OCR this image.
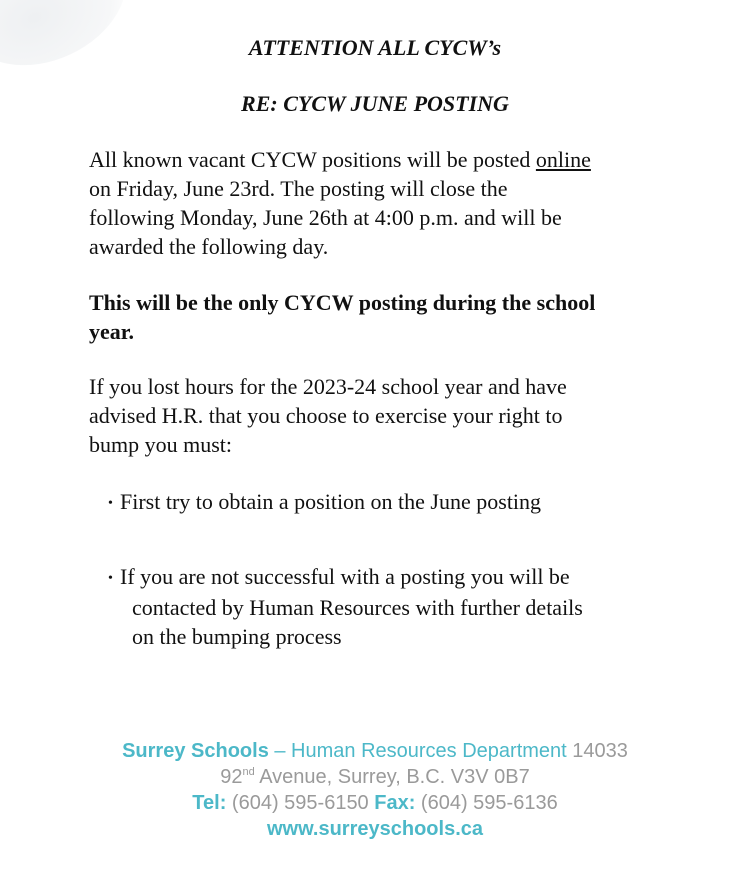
ATTENTION ALL CYCW’s
RE: CYCW JUNE POSTING
All known vacant CYCW positions will be posted online
on Friday, June 23rd. The posting will close the
following Monday, June 26th at 4:00 p.m. and will be
awarded the following day.
This will be the only CYCW posting during the school
year.
If you lost hours for the 2023-24 school year and have
advised H.R. that you choose to exercise your right to
bump you must:
• First try to obtain a position on the June posting
• If you are not successful with a posting you will be
contacted by Human Resources with further details
on the bumping process
Surrey Schools – Human Resources Department 14033
92nd Avenue, Surrey, B.C. V3V 0B7
Tel: (604) 595-6150 Fax: (604) 595-6136
www.surreyschools.ca
